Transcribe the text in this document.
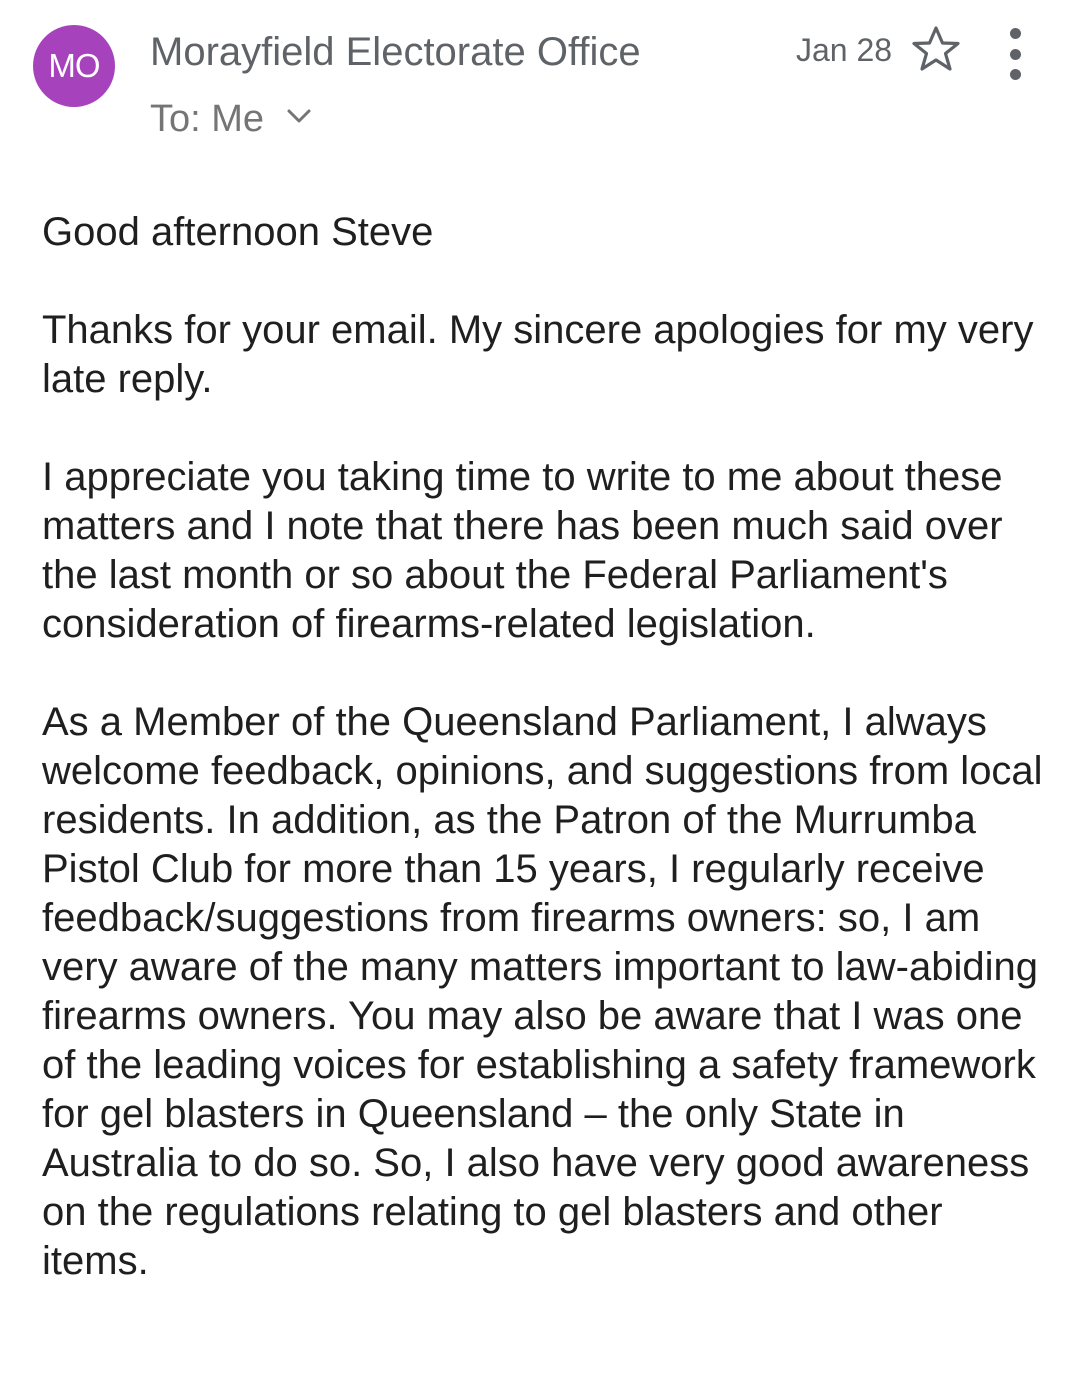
MO	Morayfield Electorate Office
To: Me
Jan 28

Good afternoon Steve

Thanks for your email. My sincere apologies for my very late reply.

I appreciate you taking time to write to me about these matters and I note that there has been much said over the last month or so about the Federal Parliament's consideration of firearms-related legislation.

As a Member of the Queensland Parliament, I always welcome feedback, opinions, and suggestions from local residents. In addition, as the Patron of the Murrumba Pistol Club for more than 15 years, I regularly receive feedback/suggestions from firearms owners: so, I am very aware of the many matters important to law-abiding firearms owners. You may also be aware that I was one of the leading voices for establishing a safety framework for gel blasters in Queensland – the only State in Australia to do so. So, I also have very good awareness on the regulations relating to gel blasters and other items.
